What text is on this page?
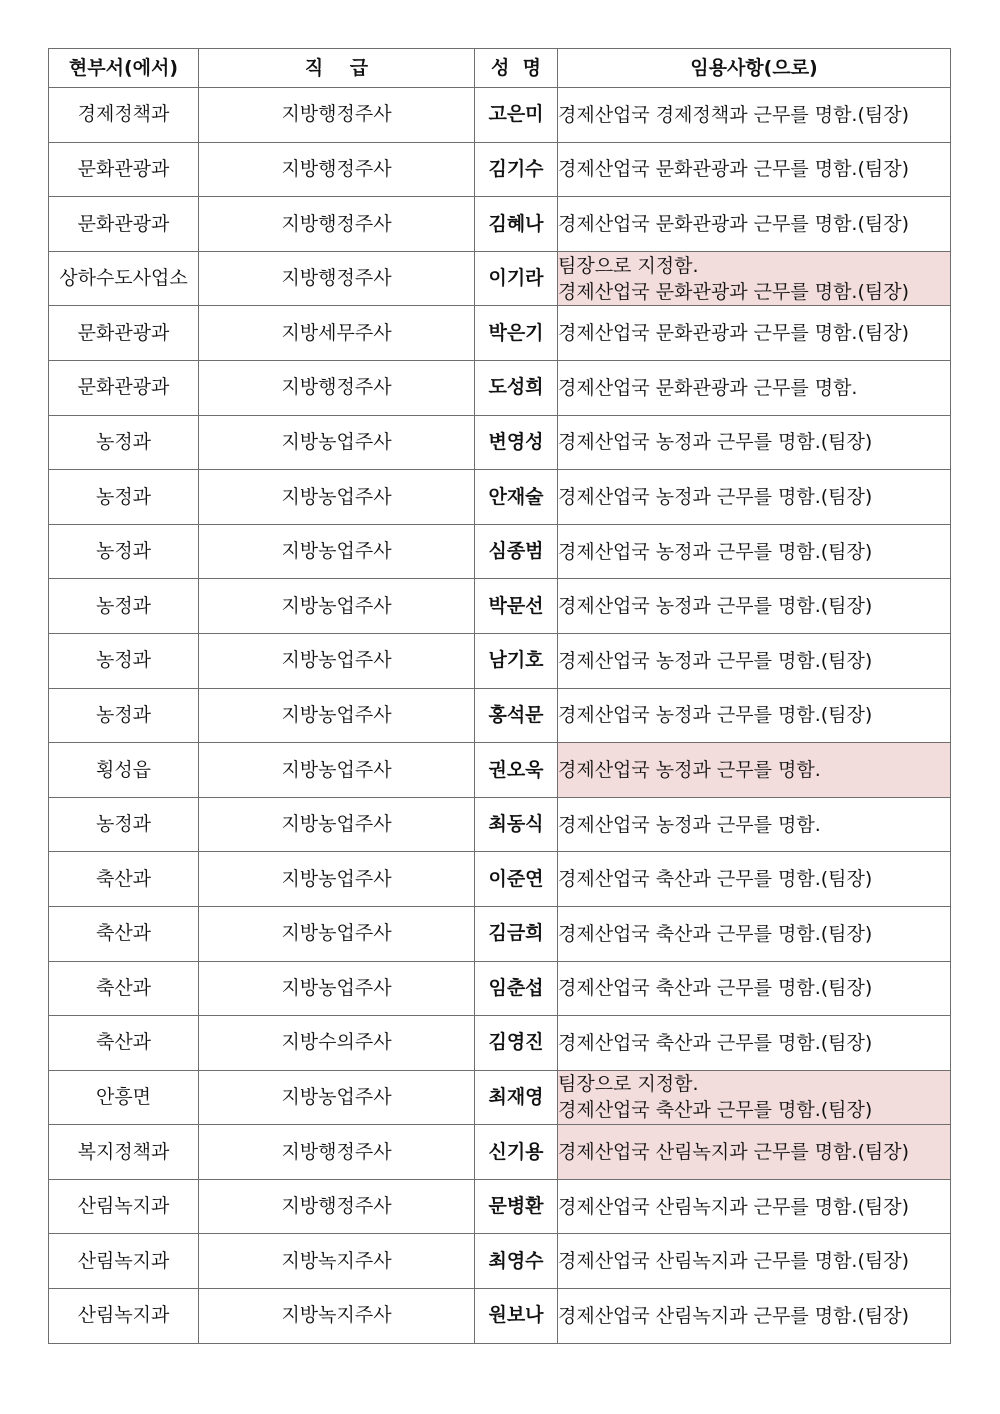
현부서(에서)	직    급	성  명	임용사항(으로)
경제정책과	지방행정주사	고은미	경제산업국 경제정책과 근무를 명함.(팀장)

문화관광과	지방행정주사	김기수	경제산업국 문화관광과 근무를 명함.(팀장)

문화관광과	지방행정주사	김혜나	경제산업국 문화관광과 근무를 명함.(팀장)

상하수도사업소	지방행정주사	이기라	팀장으로 지정함.
경제산업국 문화관광과 근무를 명함.(팀장)

문화관광과	지방세무주사	박은기	경제산업국 문화관광과 근무를 명함.(팀장)

문화관광과	지방행정주사	도성희	경제산업국 문화관광과 근무를 명함.

농정과	지방농업주사	변영성	경제산업국 농정과 근무를 명함.(팀장)

농정과	지방농업주사	안재술	경제산업국 농정과 근무를 명함.(팀장)

농정과	지방농업주사	심종범	경제산업국 농정과 근무를 명함.(팀장)

농정과	지방농업주사	박문선	경제산업국 농정과 근무를 명함.(팀장)

농정과	지방농업주사	남기호	경제산업국 농정과 근무를 명함.(팀장)

농정과	지방농업주사	홍석문	경제산업국 농정과 근무를 명함.(팀장)

횡성읍	지방농업주사	권오욱	경제산업국 농정과 근무를 명함.

농정과	지방농업주사	최동식	경제산업국 농정과 근무를 명함.

축산과	지방농업주사	이준연	경제산업국 축산과 근무를 명함.(팀장)

축산과	지방농업주사	김금희	경제산업국 축산과 근무를 명함.(팀장)

축산과	지방농업주사	임춘섭	경제산업국 축산과 근무를 명함.(팀장)

축산과	지방수의주사	김영진	경제산업국 축산과 근무를 명함.(팀장)

안흥면	지방농업주사	최재영	팀장으로 지정함.
경제산업국 축산과 근무를 명함.(팀장)

복지정책과	지방행정주사	신기용	경제산업국 산림녹지과 근무를 명함.(팀장)

산림녹지과	지방행정주사	문병환	경제산업국 산림녹지과 근무를 명함.(팀장)

산림녹지과	지방녹지주사	최영수	경제산업국 산림녹지과 근무를 명함.(팀장)

산림녹지과	지방녹지주사	원보나	경제산업국 산림녹지과 근무를 명함.(팀장)
